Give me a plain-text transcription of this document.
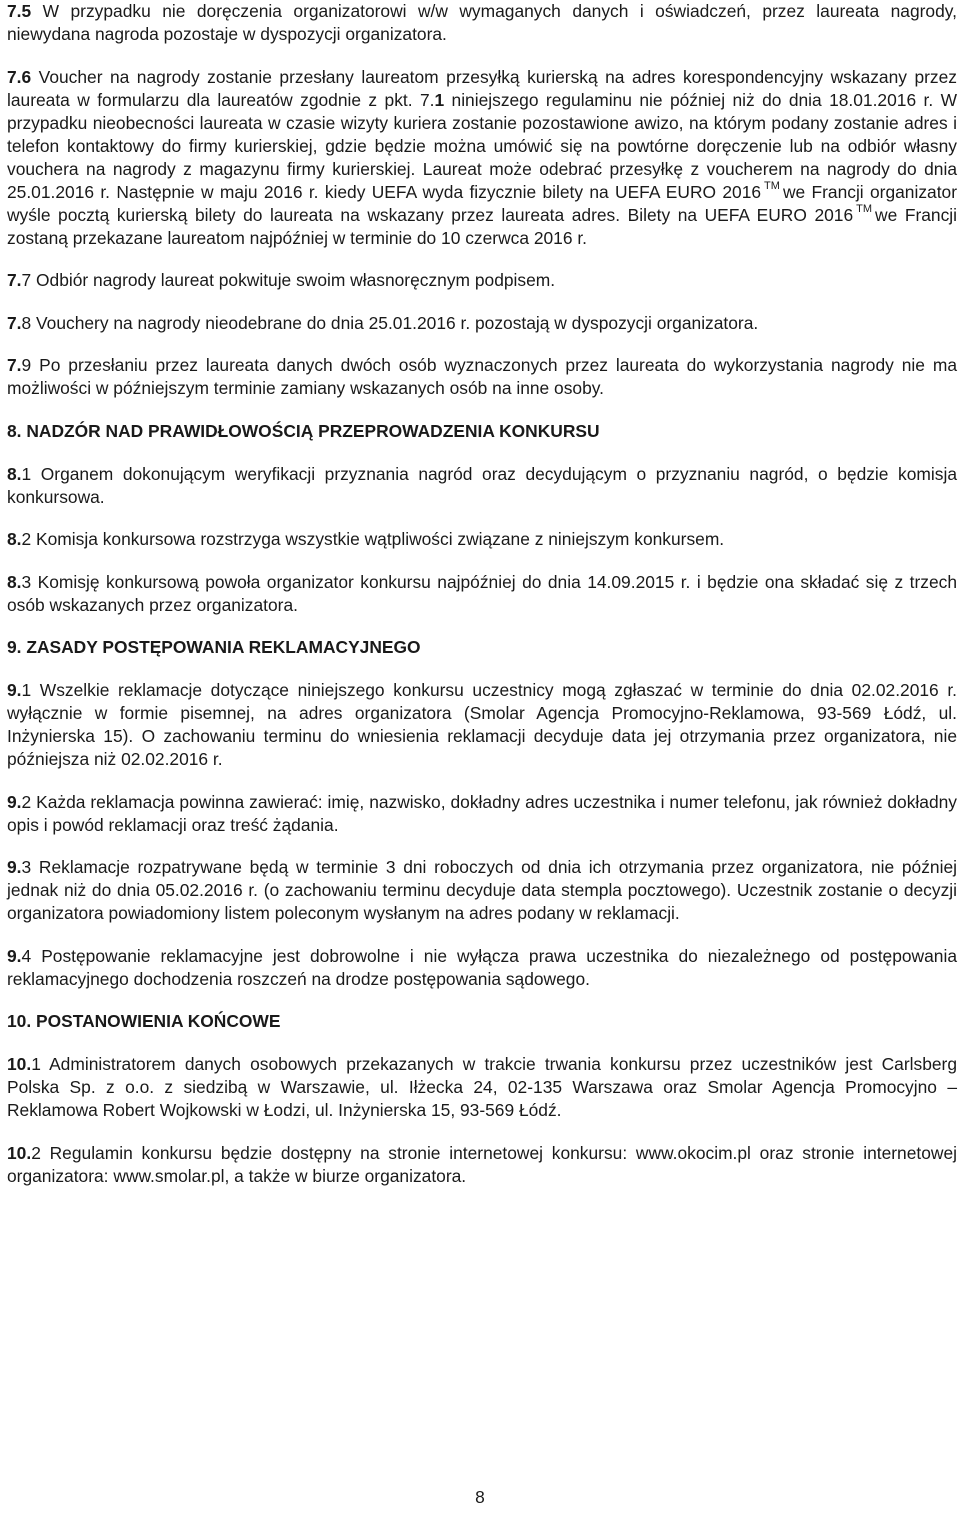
7.5 W przypadku nie doręczenia organizatorowi w/w wymaganych danych i oświadczeń, przez laureata nagrody, niewydana nagroda pozostaje w dyspozycji organizatora.

7.6 Voucher na nagrody zostanie przesłany laureatom przesyłką kurierską na adres korespondencyjny wskazany przez laureata w formularzu dla laureatów zgodnie z pkt. 7.1 niniejszego regulaminu nie później niż do dnia 18.01.2016 r. W przypadku nieobecności laureata w czasie wizyty kuriera zostanie pozostawione awizo, na którym podany zostanie adres i telefon kontaktowy do firmy kurierskiej, gdzie będzie można umówić się na powtórne doręczenie lub na odbiór własny vouchera na nagrody z magazynu firmy kurierskiej. Laureat może odebrać przesyłkę z voucherem na nagrody do dnia 25.01.2016 r. Następnie w maju 2016 r. kiedy UEFA wyda fizycznie bilety na UEFA EURO 2016 ™ we Francji organizator wyśle pocztą kurierską bilety do laureata na wskazany przez laureata adres. Bilety na UEFA EURO 2016 ™ we Francji zostaną przekazane laureatom najpóźniej w terminie do 10 czerwca 2016 r.

7.7 Odbiór nagrody laureat pokwituje swoim własnoręcznym podpisem.

7.8 Vouchery na nagrody nieodebrane do dnia 25.01.2016 r. pozostają w dyspozycji organizatora.

7.9 Po przesłaniu przez laureata danych dwóch osób wyznaczonych przez laureata do wykorzystania nagrody nie ma możliwości w późniejszym terminie zamiany wskazanych osób na inne osoby.

8. NADZÓR NAD PRAWIDŁOWOŚCIĄ PRZEPROWADZENIA KONKURSU

8.1 Organem dokonującym weryfikacji przyznania nagród oraz decydującym o przyznaniu nagród, o będzie komisja konkursowa.

8.2 Komisja konkursowa rozstrzyga wszystkie wątpliwości związane z niniejszym konkursem.

8.3 Komisję konkursową powoła organizator konkursu najpóźniej do dnia 14.09.2015 r. i będzie ona składać się z trzech osób wskazanych przez organizatora.

9. ZASADY POSTĘPOWANIA REKLAMACYJNEGO

9.1 Wszelkie reklamacje dotyczące niniejszego konkursu uczestnicy mogą zgłaszać w terminie do dnia 02.02.2016 r. wyłącznie w formie pisemnej, na adres organizatora (Smolar Agencja Promocyjno-Reklamowa, 93-569 Łódź, ul. Inżynierska 15). O zachowaniu terminu do wniesienia reklamacji decyduje data jej otrzymania przez organizatora, nie późniejsza niż 02.02.2016 r.

9.2 Każda reklamacja powinna zawierać: imię, nazwisko, dokładny adres uczestnika i numer telefonu, jak również dokładny opis i powód reklamacji oraz treść żądania.

9.3 Reklamacje rozpatrywane będą w terminie 3 dni roboczych od dnia ich otrzymania przez organizatora, nie później jednak niż do dnia 05.02.2016 r. (o zachowaniu terminu decyduje data stempla pocztowego). Uczestnik zostanie o decyzji organizatora powiadomiony listem poleconym wysłanym na adres podany w reklamacji.

9.4 Postępowanie reklamacyjne jest dobrowolne i nie wyłącza prawa uczestnika do niezależnego od postępowania reklamacyjnego dochodzenia roszczeń na drodze postępowania sądowego.

10. POSTANOWIENIA KOŃCOWE

10.1 Administratorem danych osobowych przekazanych w trakcie trwania konkursu przez uczestników jest Carlsberg Polska Sp. z o.o. z siedzibą w Warszawie, ul. Iłżecka 24, 02-135 Warszawa oraz Smolar Agencja Promocyjno – Reklamowa Robert Wojkowski w Łodzi, ul. Inżynierska 15, 93-569 Łódź.

10.2 Regulamin konkursu będzie dostępny na stronie internetowej konkursu: www.okocim.pl oraz stronie internetowej organizatora: www.smolar.pl, a także w biurze organizatora.

8
